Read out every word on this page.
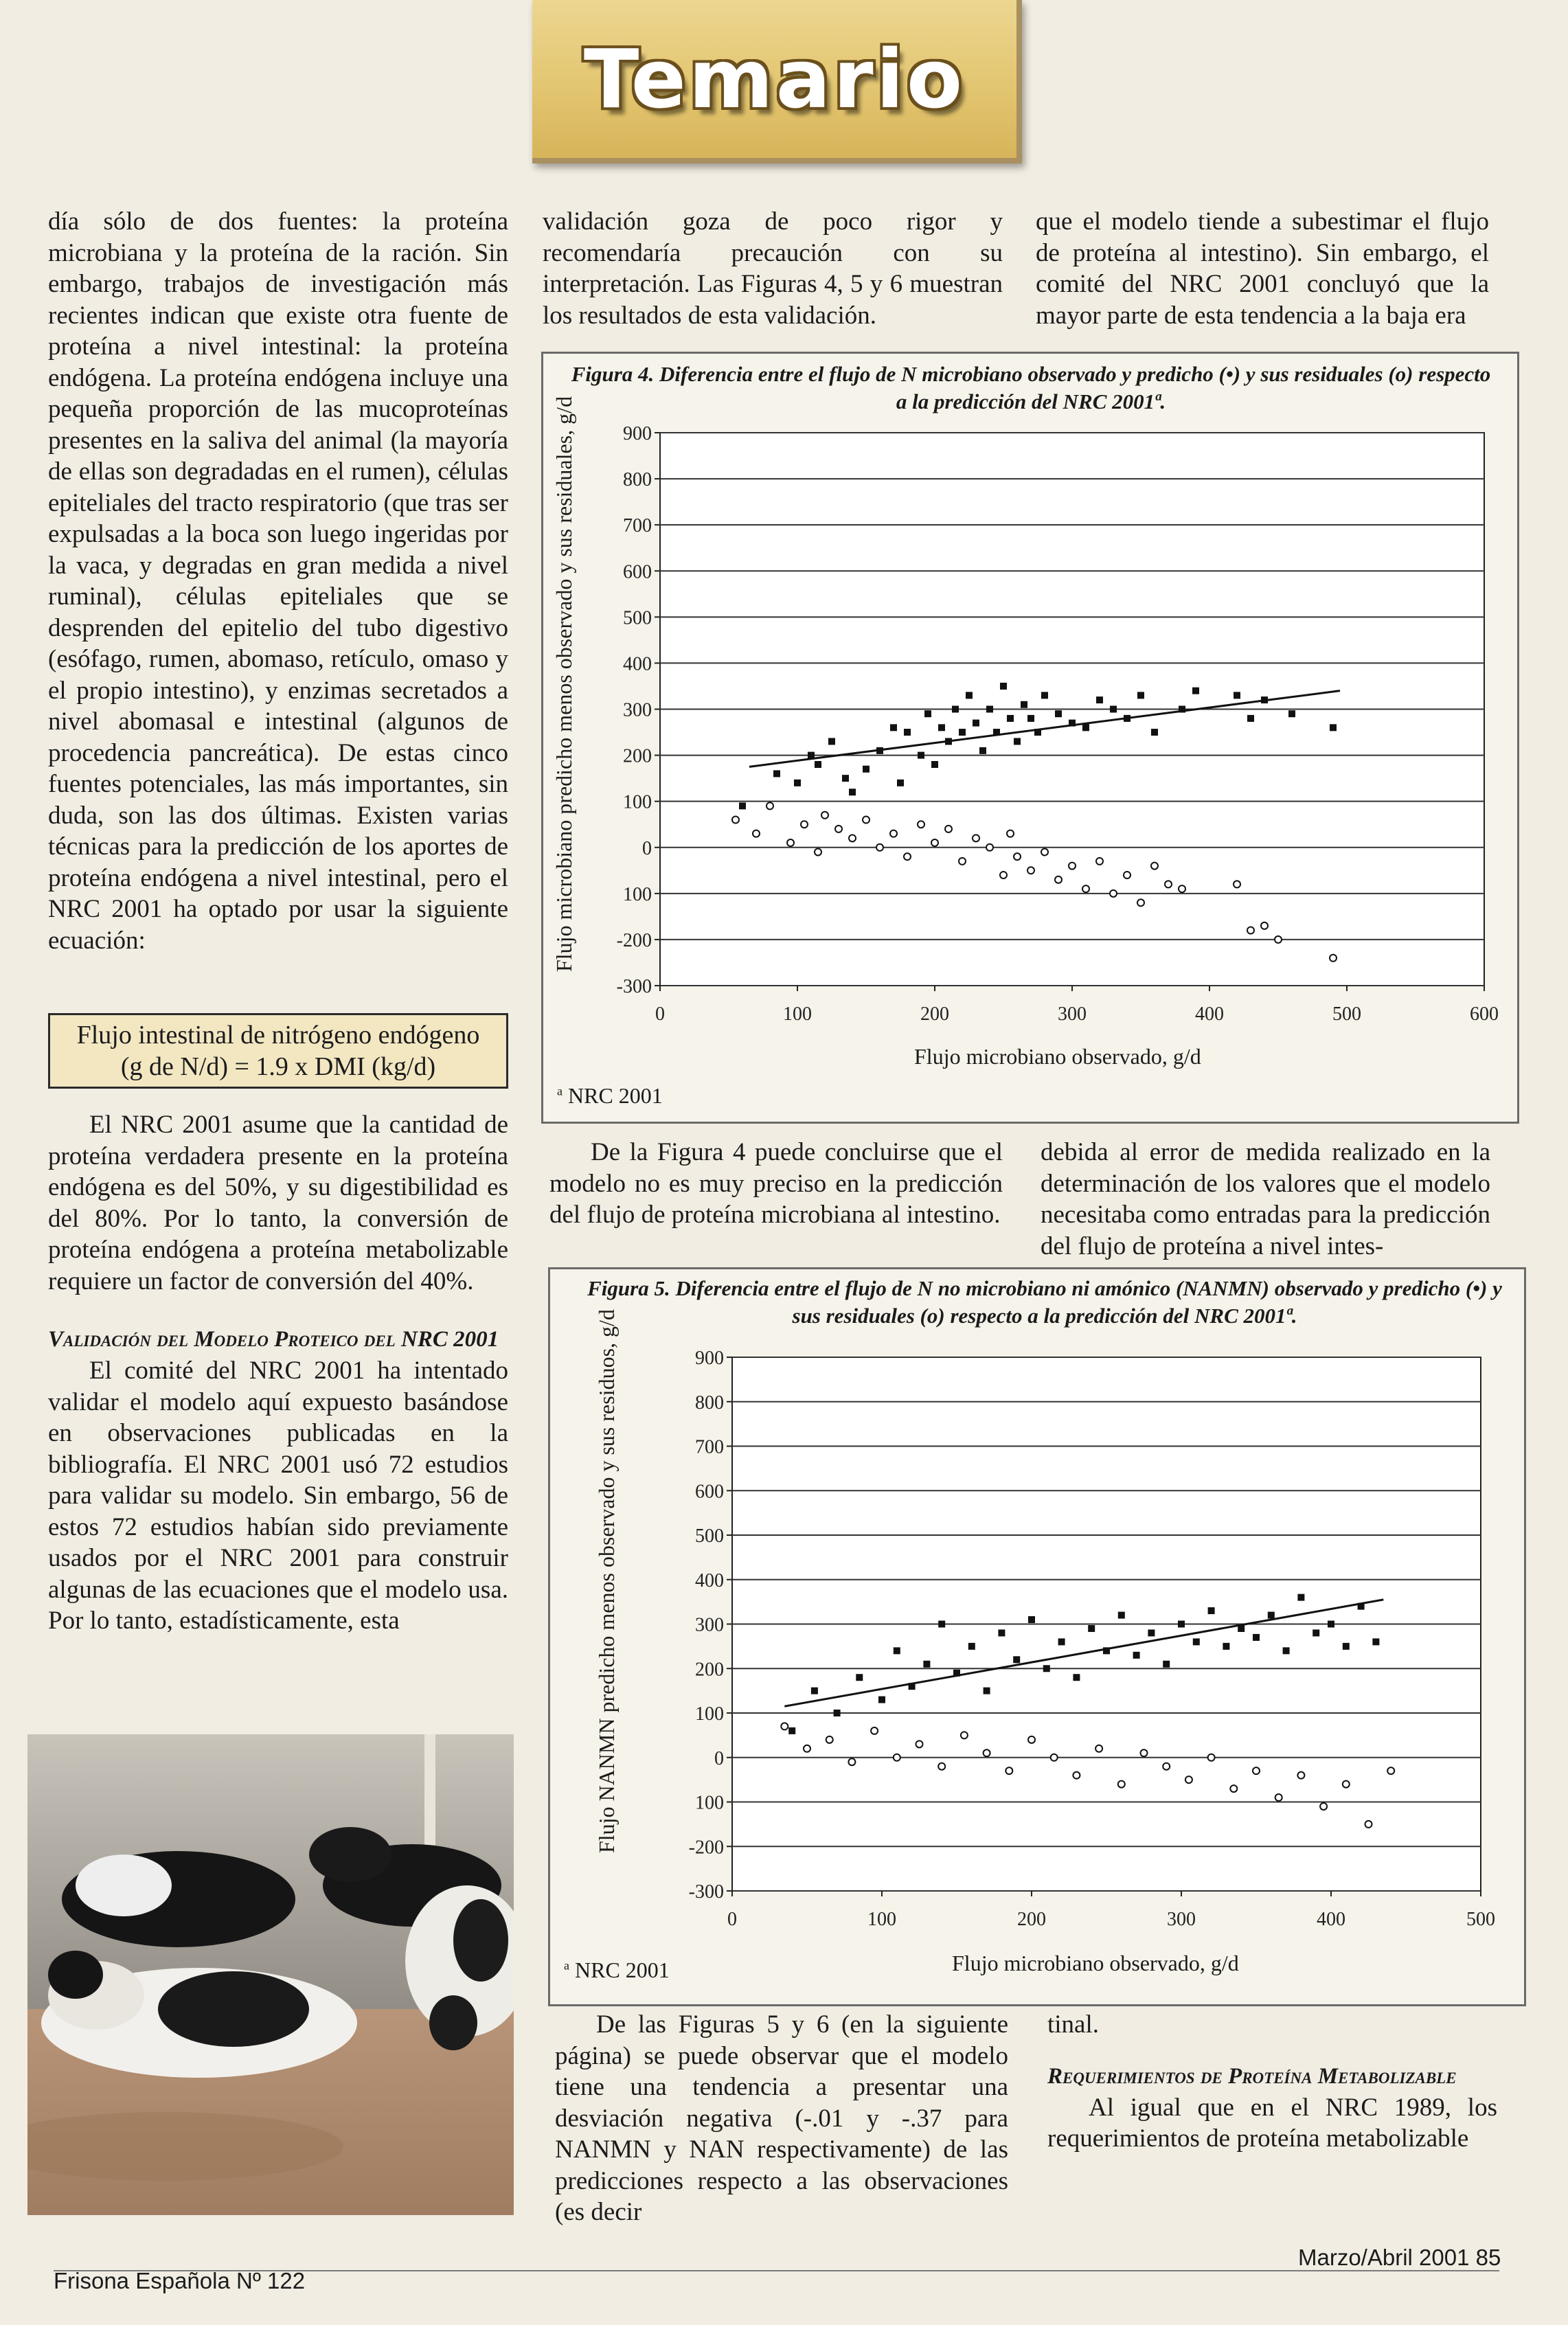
Temario

día sólo de dos fuentes: la proteína microbiana y la proteína de la ración. Sin embargo, trabajos de investigación más recientes indican que existe otra fuente de proteína a nivel intestinal: la proteína endógena. La proteína endógena incluye una pequeña proporción de las mucoproteínas presentes en la saliva del animal (la mayoría de ellas son degradadas en el rumen), células epiteliales del tracto respiratorio (que tras ser expulsadas a la boca son luego ingeridas por la vaca, y degradas en gran medida a nivel ruminal), células epiteliales que se desprenden del epitelio del tubo digestivo (esófago, rumen, abomaso, retículo, omaso y el propio intestino), y enzimas secretados a nivel abomasal e intestinal (algunos de procedencia pancreática). De estas cinco fuentes potenciales, las más importantes, sin duda, son las dos últimas. Existen varias técnicas para la predicción de los aportes de proteína endógena a nivel intestinal, pero el NRC 2001 ha optado por usar la siguiente ecuación:

Flujo intestinal de nitrógeno endógeno
(g de N/d) = 1.9 x DMI (kg/d)

El NRC 2001 asume que la cantidad de proteína verdadera presente en la proteína endógena es del 50%, y su digestibilidad es del 80%. Por lo tanto, la conversión de proteína endógena a proteína metabolizable requiere un factor de conversión del 40%.

Validación del Modelo Proteico del NRC 2001

El comité del NRC 2001 ha intentado validar el modelo aquí expuesto basándose en observaciones publicadas en la bibliografía. El NRC 2001 usó 72 estudios para validar su modelo. Sin embargo, 56 de estos 72 estudios habían sido previamente usados por el NRC 2001 para construir algunas de las ecuaciones que el modelo usa. Por lo tanto, estadísticamente, esta

validación goza de poco rigor y recomendaría precaución con su interpretación. Las Figuras 4, 5 y 6 muestran los resultados de esta validación.

que el modelo tiende a subestimar el flujo de proteína al intestino). Sin embargo, el comité del NRC 2001 concluyó que la mayor parte de esta tendencia a la baja era

Figura 4. Diferencia entre el flujo de N microbiano observado y predicho (•) y sus residuales (o) respecto a la predicción del NRC 2001ª.
Flujo microbiano predicho menos observado y sus residuales, g/d 900
800
700
600
500
400
300
200
100
0
100
-200
-300
0	100	200	300	400	500	600
Flujo microbiano observado, g/d
$^a$ NRC 2001

De la Figura 4 puede concluirse que el modelo no es muy preciso en la predicción del flujo de proteína microbiana al intestino.

debida al error de medida realizado en la determinación de los valores que el modelo necesitaba como entradas para la predicción del flujo de proteína a nivel intes-

Figura 5. Diferencia entre el flujo de N no microbiano ni amónico (NANMN) observado y predicho (•) y sus residuales (o) respecto a la predicción del NRC 2001ª.
Flujo NANMN predicho menos observado y sus residuos, g/d	900
800
700
600
500
400
300
200
100
0
100
-200
-300
0	100	200	300	400	500
Flujo microbiano observado, g/d
$^a$ NRC 2001

De las Figuras 5 y 6 (en la siguiente página) se puede observar que el modelo tiene una tendencia a presentar una desviación negativa (-.01 y -.37 para NANMN y NAN respectivamente) de las predicciones respecto a las observaciones (es decir

tinal.

Requerimientos de Proteína Metabolizable

Al igual que en el NRC 1989, los requerimientos de proteína metabolizable

Frisona Española Nº 122
Marzo/Abril 2001 85
